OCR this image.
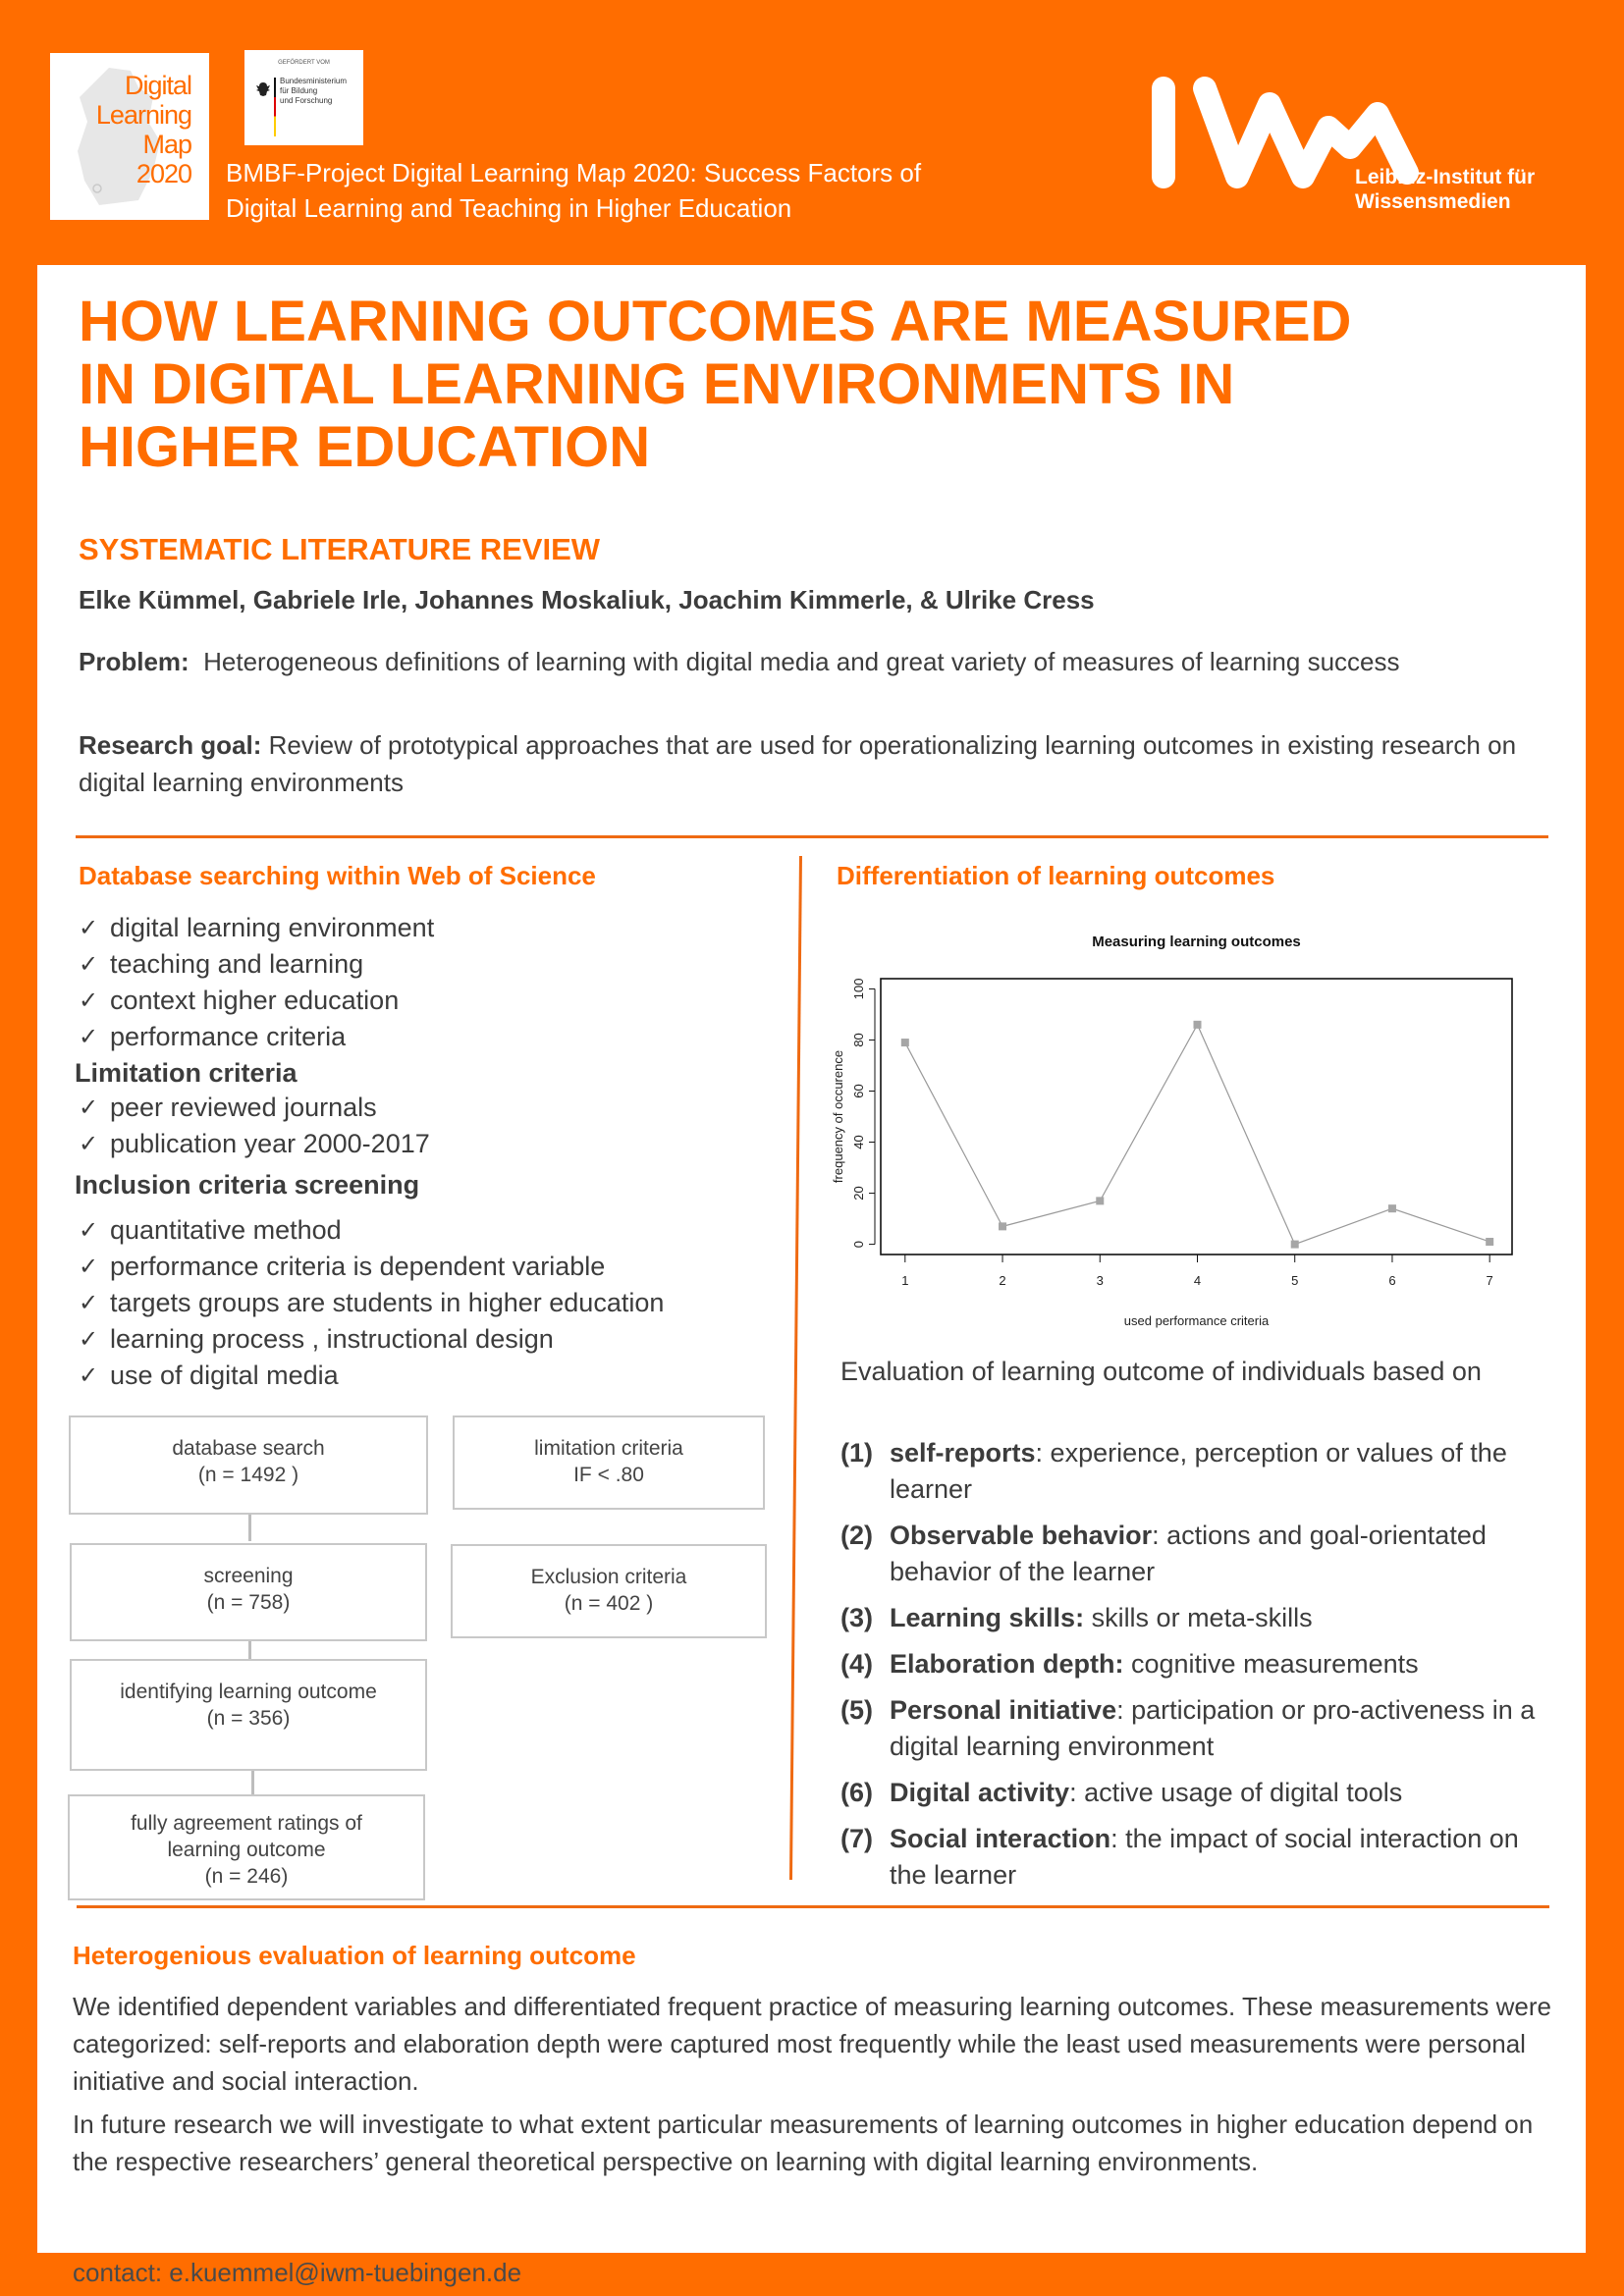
Digital
Learning
Map
2020
GEFÖRDERT VOM
Bundesministerium
für Bildung
und Forschung
BMBF-Project Digital Learning Map 2020: Success Factors of
Digital Learning and Teaching in Higher Education
Leibniz-Institut für
Wissensmedien
HOW LEARNING OUTCOMES ARE MEASURED
IN DIGITAL LEARNING ENVIRONMENTS IN
HIGHER EDUCATION
SYSTEMATIC LITERATURE REVIEW
Elke Kümmel, Gabriele Irle, Johannes Moskaliuk, Joachim Kimmerle, & Ulrike Cress
Problem: Heterogeneous definitions of learning with digital media and great variety of measures of learning success
Research goal: Review of prototypical approaches that are used for operationalizing learning outcomes in existing research on digital learning environments
Database searching within Web of Science
✓ digital learning environment
✓ teaching and learning
✓ context higher education
✓ performance criteria
Limitation criteria
✓ peer reviewed journals
✓ publication year 2000-2017
Inclusion criteria screening
✓ quantitative method
✓ performance criteria is dependent variable
✓ targets groups are students in higher education
✓ learning process , instructional design
✓ use of digital media
database search
(n = 1492 )
limitation criteria
IF < .80
screening
(n = 758)
Exclusion criteria
(n = 402 )
identifying learning outcome
(n = 356)
fully agreement ratings of
learning outcome
(n = 246)
Differentiation of learning outcomes
Measuring learning outcomes
0
20
40
60
80
100
1	2	3	4	5	6	7
used performance criteria
frequency of occurence
Evaluation of learning outcome of individuals based on
(1) self-reports: experience, perception or values of the learner
(2) Observable behavior: actions and goal-orientated behavior of the learner
(3) Learning skills: skills or meta-skills
(4) Elaboration depth: cognitive measurements
(5) Personal initiative: participation or pro-activeness in a digital learning environment
(6) Digital activity: active usage of digital tools
(7) Social interaction: the impact of social interaction on the learner
Heterogenious evaluation of learning outcome
We identified dependent variables and differentiated frequent practice of measuring learning outcomes. These measurements were categorized: self-reports and elaboration depth were captured most frequently while the least used measurements were personal initiative and social interaction.
In future research we will investigate to what extent particular measurements of learning outcomes in higher education depend on the respective researchers’ general theoretical perspective on learning with digital learning environments.
contact: e.kuemmel@iwm-tuebingen.de
